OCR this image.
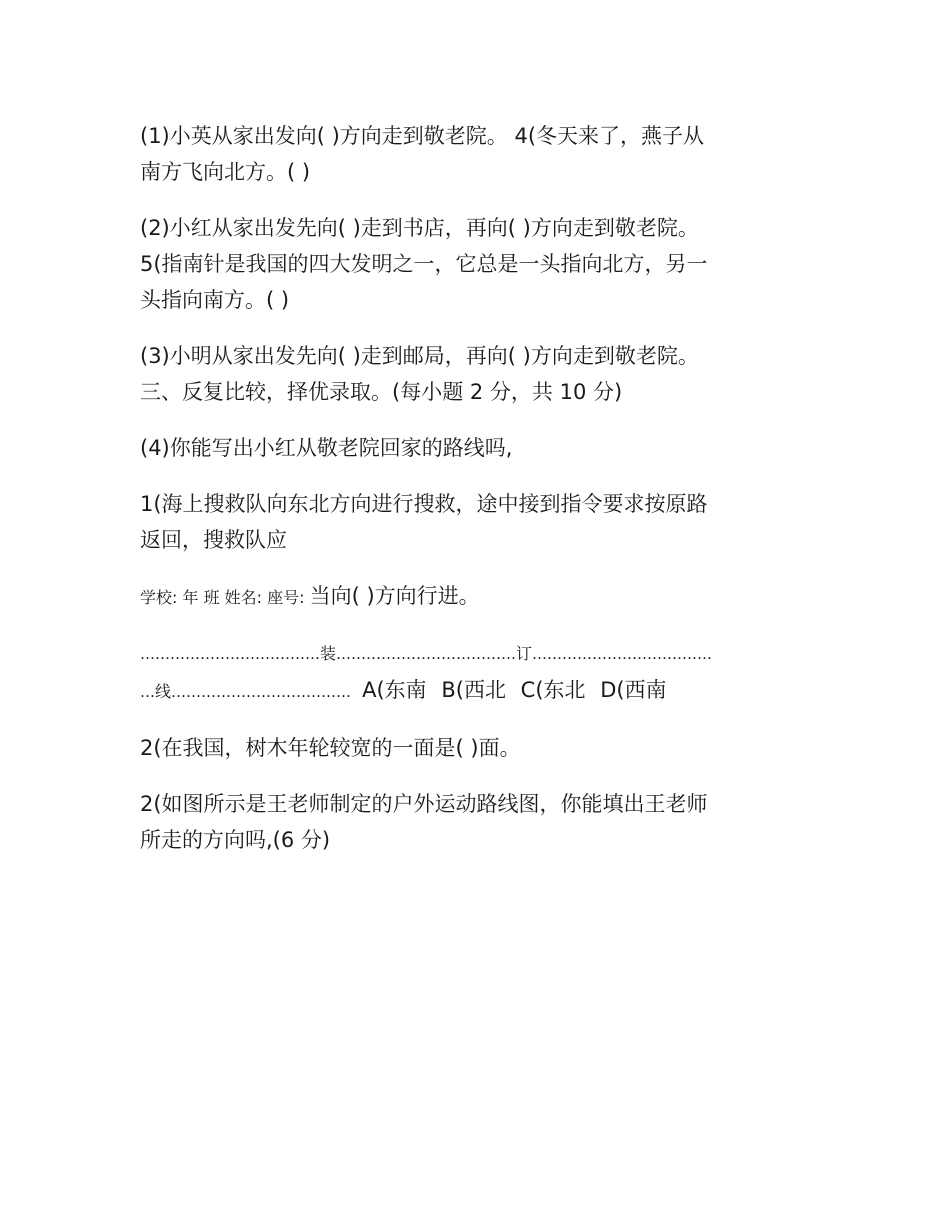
(1)小英从家出发向( )方向走到敬老院。 4(冬天来了，燕子从
南方飞向北方。( )
(2)小红从家出发先向( )走到书店，再向( )方向走到敬老院。
5(指南针是我国的四大发明之一，它总是一头指向北方，另一
头指向南方。( )
(3)小明从家出发先向( )走到邮局，再向( )方向走到敬老院。
三、反复比较，择优录取。(每小题 2 分，共 10 分)
(4)你能写出小红从敬老院回家的路线吗,
1(海上搜救队向东北方向进行搜救，途中接到指令要求按原路
返回，搜救队应
学校: 年 班 姓名: 座号: 当向( )方向行进。
………………………………装………………………………订………………………………
…线……………………………… A(东南 B(西北 C(东北 D(西南
2(在我国，树木年轮较宽的一面是( )面。
2(如图所示是王老师制定的户外运动路线图，你能填出王老师
所走的方向吗,(6 分)
